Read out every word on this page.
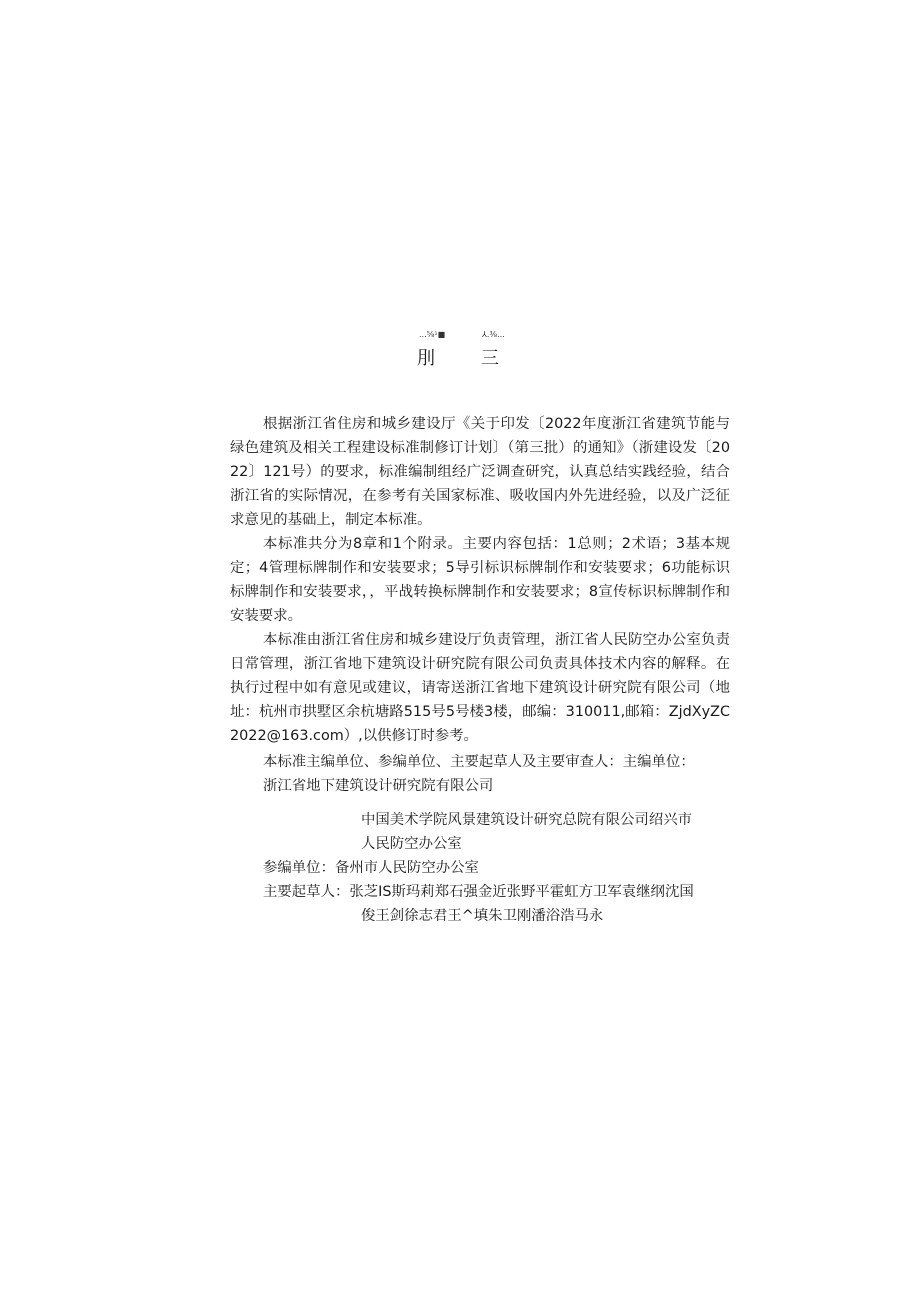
...⅝¹■	⅄.⅜...
刖	三

根据浙江省住房和城乡建设厅《关于印发〔2022年度浙江省建筑节能与绿色建筑及相关工程建设标准制修订计划〕（第三批）的通知》（浙建设发〔2022〕121号）的要求，标准编制组经广泛调查研究，认真总结实践经验，结合浙江省的实际情况，在参考有关国家标准、吸收国内外先进经验，以及广泛征求意见的基础上，制定本标准。

本标准共分为8章和1个附录。主要内容包括：1总则；2术语；3基本规定；4管理标牌制作和安装要求；5导引标识标牌制作和安装要求；6功能标识标牌制作和安装要求，，平战转换标牌制作和安装要求；8宣传标识标牌制作和安装要求。

本标准由浙江省住房和城乡建设厅负责管理，浙江省人民防空办公室负责日常管理，浙江省地下建筑设计研究院有限公司负责具体技术内容的解释。在执行过程中如有意见或建议，请寄送浙江省地下建筑设计研究院有限公司（地址：杭州市拱墅区余杭塘路515号5号楼3楼，邮编：310011,邮箱：ZjdXyZC2022@163.com）,以供修订时参考。

本标准主编单位、参编单位、主要起草人及主要审查人：主编单位：
浙江省地下建筑设计研究院有限公司
中国美术学院风景建筑设计研究总院有限公司绍兴市
人民防空办公室
参编单位：备州市人民防空办公室
主要起草人：张芝IS斯玛莉郑石强金近张野平霍虹方卫军袁继纲沈国
俊王剑徐志君王^填朱卫刚潘浴浩马永
